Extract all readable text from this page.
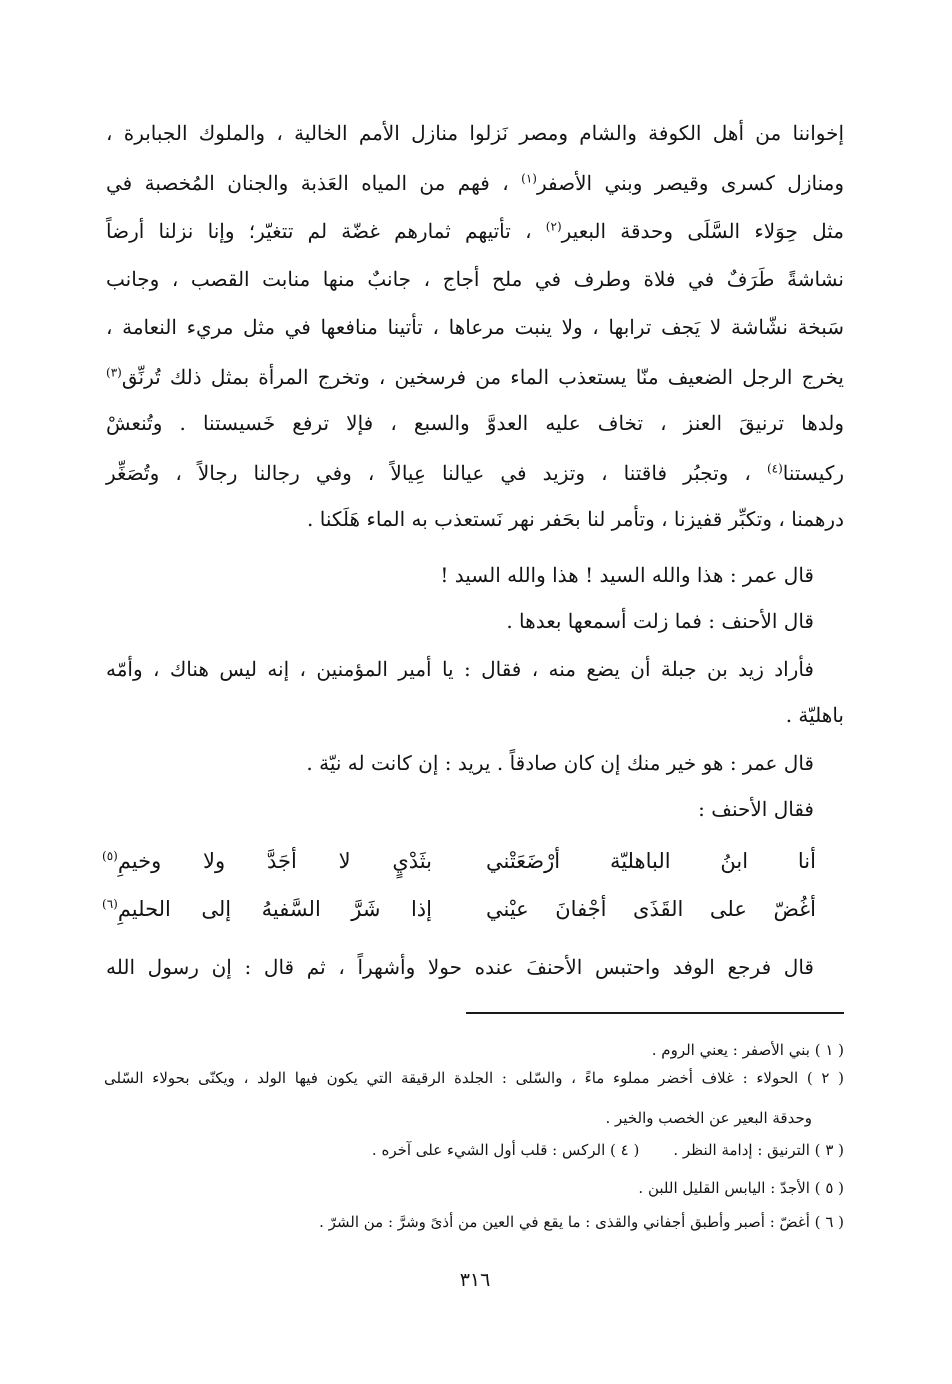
إخواننا من أهل الكوفة والشام ومصر نَزلوا منازل الأمم الخالية ، والملوك الجبابرة ،
ومنازل كسرى وقيصر وبني الأصفر$^{(١)}$ ، فهم من المياه العَذبة والجنان المُخصبة في
مثل حِوَلاء السَّلَى وحدقة البعير$^{(٢)}$ ، تأتيهم ثمارهم غضّة لم تتغيّر؛ وإنا نزلنا أرضاً
نشاشةً طَرَفٌ في فلاة وطرف في ملح أجاج ، جانبٌ منها منابت القصب ، وجانب
سَبخة نشّاشة لا يَجف ترابها ، ولا ينبت مرعاها ، تأتينا منافعها في مثل مريء النعامة ،
يخرج الرجل الضعيف منّا يستعذب الماء من فرسخين ، وتخرج المرأة بمثل ذلك تُرنِّق$^{(٣)}$
ولدها ترنيقَ العنز ، تخاف عليه العدوَّ والسبع ، فإلا ترفع خَسيستنا . وتُنعشْ
ركيستنا$^{(٤)}$ ، وتجبُر فاقتنا ، وتزيد في عيالنا عِيالاً ، وفي رجالنا رجالاً ، وتُصَغِّر
درهمنا ، وتكبِّر قفيزنا ، وتأمر لنا بحَفر نهر نَستعذب به الماء هَلَكنا .
قال عمر : هذا والله السيد ! هذا والله السيد !
قال الأحنف : فما زلت أسمعها بعدها .
فأراد زيد بن جبلة أن يضع منه ، فقال : يا أمير المؤمنين ، إنه ليس هناك ، وأمّه
باهليّة .
قال عمر : هو خير منك إن كان صادقاً . يريد : إن كانت له نيّة .
فقال الأحنف :
أنا ابنُ الباهليّة أرْضَعَتْني
بثَدْيٍ لا أجَدَّ ولا وخيمِ$^{(٥)}$
أغُضّ على القَذَى أجْفانَ عيْني
إذا شَرَّ السَّفيهُ إلى الحليمِ$^{(٦)}$
قال فرجع الوفد واحتبس الأحنفَ عنده حولا وأشهراً ، ثم قال : إن رسول الله
( ١ ) بني الأصفر : يعني الروم .
( ٢ ) الحولاء : غلاف أخضر مملوء ماءً ، والسّلى : الجلدة الرقيقة التي يكون فيها الولد ، ويكنّى بحولاء السّلى
وحدقة البعير عن الخصب والخير .
( ٣ ) الترنيق : إدامة النظر .( ٤ ) الركس : قلب أول الشيء على آخره .
( ٥ ) الأجدّ : اليابس القليل اللبن .
( ٦ ) أغضّ : أصبر وأطبق أجفاني والقذى : ما يقع في العين من أذىً وشرَّ : من الشرّ .
٣١٦
